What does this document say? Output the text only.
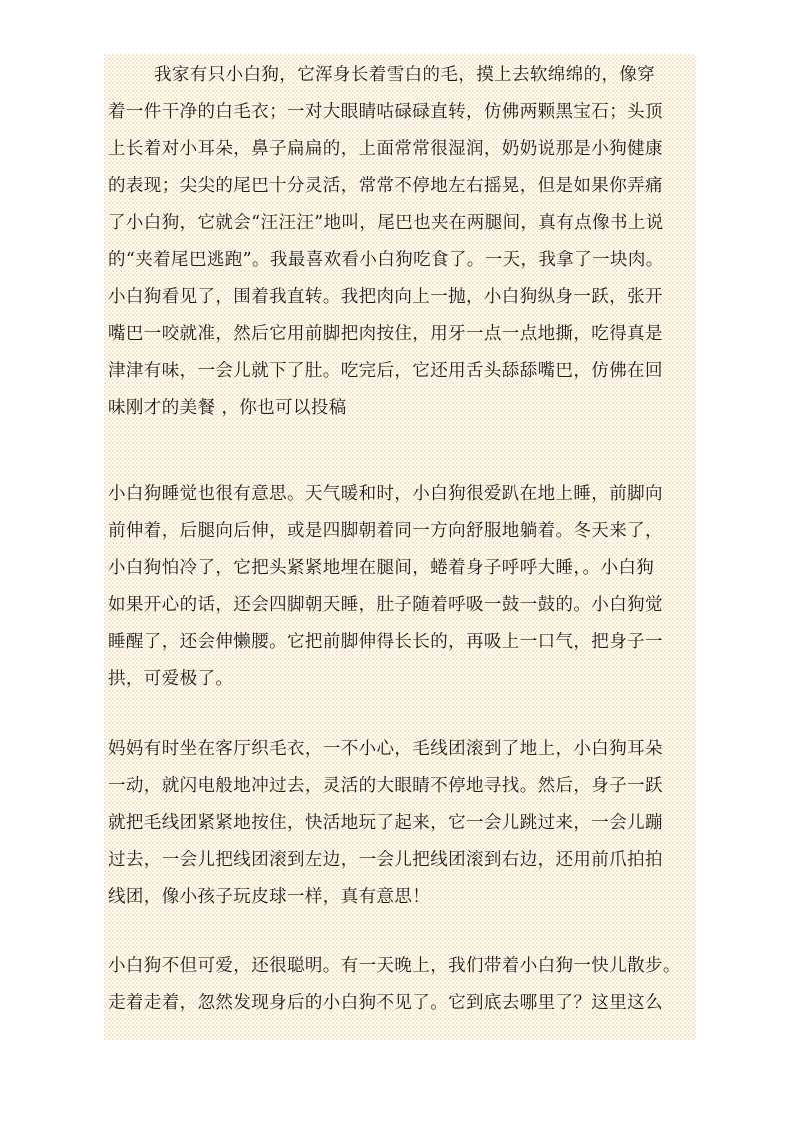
我家有只小白狗，它浑身长着雪白的毛，摸上去软绵绵的，像穿
着一件干净的白毛衣；一对大眼睛咕碌碌直转，仿佛两颗黑宝石；头顶
上长着对小耳朵，鼻子扁扁的，上面常常很湿润，奶奶说那是小狗健康
的表现；尖尖的尾巴十分灵活，常常不停地左右摇晃，但是如果你弄痛
了小白狗，它就会“汪汪汪”地叫，尾巴也夹在两腿间，真有点像书上说
的“夹着尾巴逃跑”。我最喜欢看小白狗吃食了。一天，我拿了一块肉。
小白狗看见了，围着我直转。我把肉向上一抛，小白狗纵身一跃，张开
嘴巴一咬就准，然后它用前脚把肉按住，用牙一点一点地撕，吃得真是
津津有味，一会儿就下了肚。吃完后，它还用舌头舔舔嘴巴，仿佛在回
味刚才的美餐 ，你也可以投稿
小白狗睡觉也很有意思。天气暖和时，小白狗很爱趴在地上睡，前脚向
前伸着，后腿向后伸，或是四脚朝着同一方向舒服地躺着。冬天来了，
小白狗怕冷了，它把头紧紧地埋在腿间，蜷着身子呼呼大睡，。小白狗
如果开心的话，还会四脚朝天睡，肚子随着呼吸一鼓一鼓的。小白狗觉
睡醒了，还会伸懒腰。它把前脚伸得长长的，再吸上一口气，把身子一
拱，可爱极了。
妈妈有时坐在客厅织毛衣，一不小心，毛线团滚到了地上，小白狗耳朵
一动，就闪电般地冲过去，灵活的大眼睛不停地寻找。然后，身子一跃
就把毛线团紧紧地按住，快活地玩了起来，它一会儿跳过来，一会儿蹦
过去，一会儿把线团滚到左边，一会儿把线团滚到右边，还用前爪拍拍
线团，像小孩子玩皮球一样，真有意思！
小白狗不但可爱，还很聪明。有一天晚上，我们带着小白狗一快儿散步。
走着走着，忽然发现身后的小白狗不见了。它到底去哪里了？这里这么
